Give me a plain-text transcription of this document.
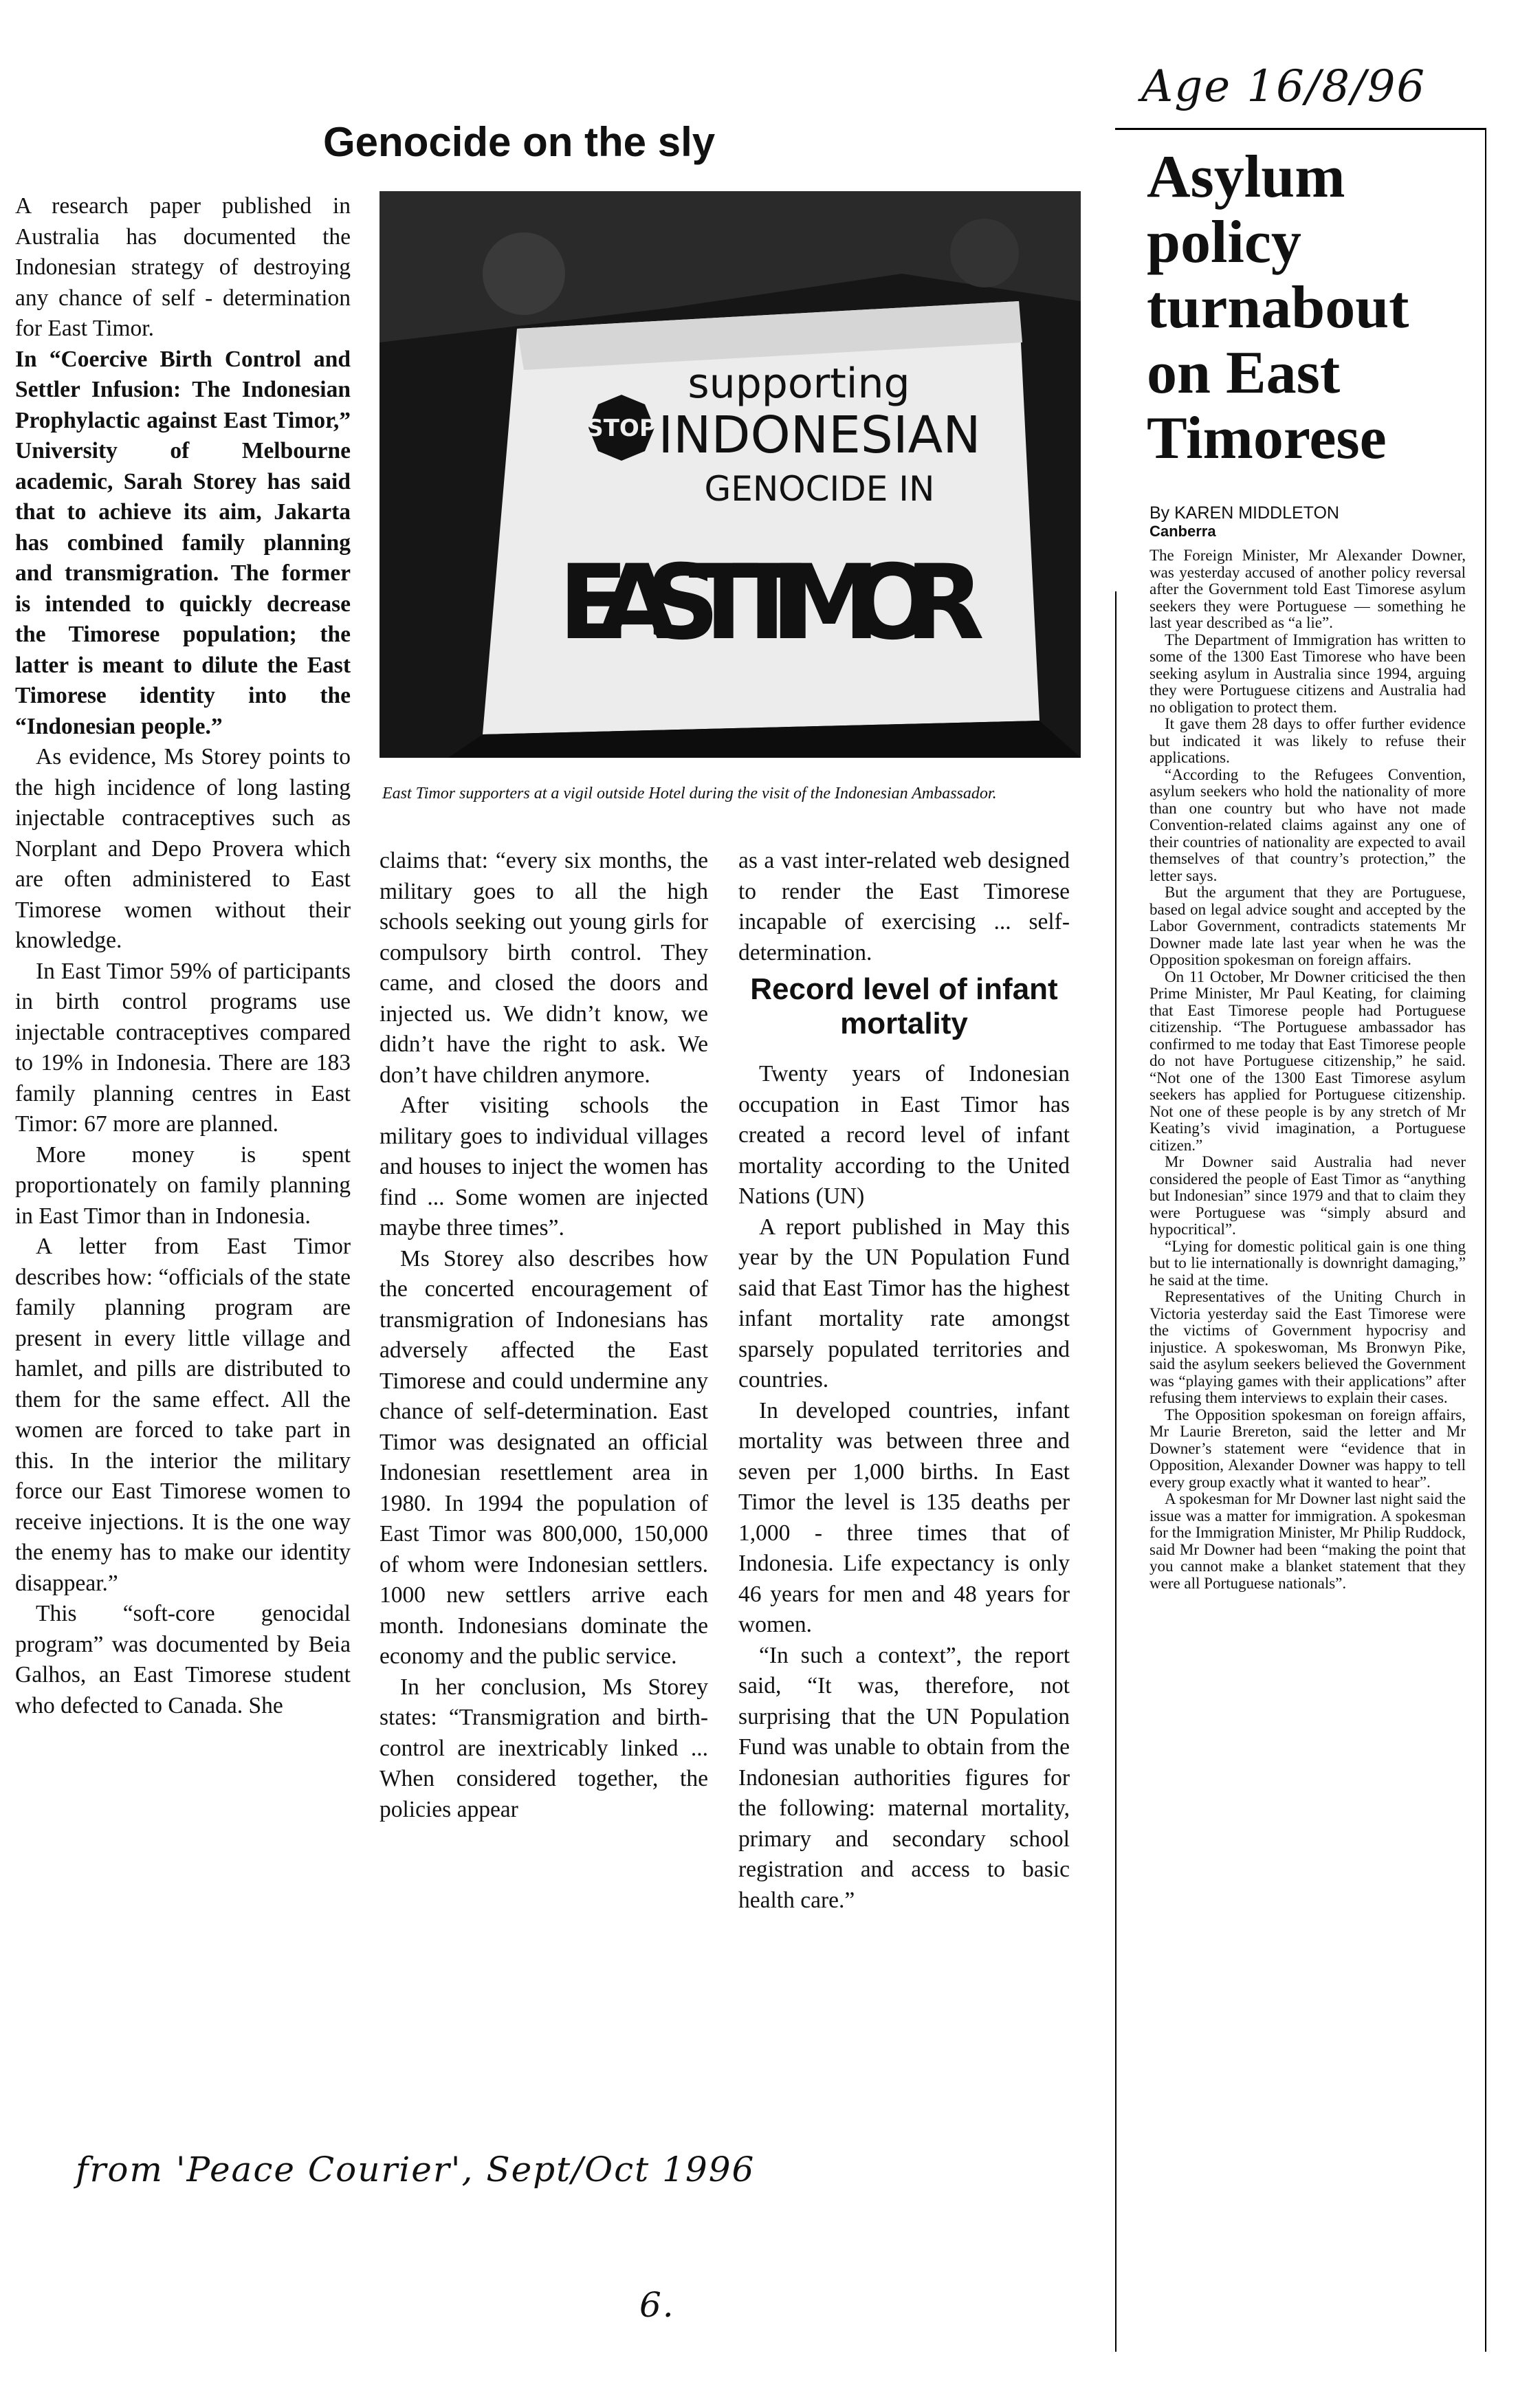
Age 16/8/96
Genocide on the sly

A research paper published in Australia has documented the Indonesian strategy of destroying any chance of self - determination for East Timor.

In “Coercive Birth Control and Settler Infusion: The Indonesian Prophylactic against East Timor,” University of Melbourne academic, Sarah Storey has said that to achieve its aim, Jakarta has combined family planning and transmigration. The former is intended to quickly decrease the Timorese population; the latter is meant to dilute the East Timorese identity into the “Indonesian people.”

As evidence, Ms Storey points to the high incidence of long lasting injectable contraceptives such as Norplant and Depo Provera which are often administered to East Timorese women without their knowledge.

In East Timor 59% of participants in birth control programs use injectable contraceptives compared to 19% in Indonesia. There are 183 family planning centres in East Timor: 67 more are planned.

More money is spent proportionately on family planning in East Timor than in Indonesia.

A letter from East Timor describes how: “officials of the state family planning program are present in every little village and hamlet, and pills are distributed to them for the same effect. All the women are forced to take part in this. In the interior the military force our East Timorese women to receive injections. It is the one way the enemy has to make our identity disappear.”

This “soft-core genocidal program” was documented by Beia Galhos, an East Timorese student who defected to Canada. She

STOP
supporting
INDONESIAN
GENOCIDE IN
EAST TIMOR
East Timor supporters at a vigil outside Hotel during the visit of the Indonesian Ambassador.

claims that: “every six months, the military goes to all the high schools seeking out young girls for compulsory birth control. They came, and closed the doors and injected us. We didn’t know, we didn’t have the right to ask. We don’t have children anymore.

After visiting schools the military goes to individual villages and houses to inject the women has find ... Some women are injected maybe three times”.

Ms Storey also describes how the concerted encouragement of transmigration of Indonesians has adversely affected the East Timorese and could undermine any chance of self-determination. East Timor was designated an official Indonesian resettlement area in 1980. In 1994 the population of East Timor was 800,000, 150,000 of whom were Indonesian settlers. 1000 new settlers arrive each month. Indonesians dominate the economy and the public service.

In her conclusion, Ms Storey states: “Transmigration and birth-control are inextricably linked ... When considered together, the policies appear

as a vast inter-related web designed to render the East Timorese incapable of exercising ... self-determination.

Record level of infant mortality

Twenty years of Indonesian occupation in East Timor has created a record level of infant mortality according to the United Nations (UN)

A report published in May this year by the UN Population Fund said that East Timor has the highest infant mortality rate amongst sparsely populated territories and countries.

In developed countries, infant mortality was between three and seven per 1,000 births. In East Timor the level is 135 deaths per 1,000 - three times that of Indonesia. Life expectancy is only 46 years for men and 48 years for women.

“In such a context”, the report said, “It was, therefore, not surprising that the UN Population Fund was unable to obtain from the Indonesian authorities figures for the following: maternal mortality, primary and secondary school registration and access to basic health care.”

from 'Peace Courier', Sept/Oct 1996
6.
Asylum
policy
turnabout
on East
Timorese
By KAREN MIDDLETON
Canberra

The Foreign Minister, Mr Alexander Downer, was yesterday accused of another policy reversal after the Government told East Timorese asylum seekers they were Portuguese — something he last year described as “a lie”.

The Department of Immigration has written to some of the 1300 East Timorese who have been seeking asylum in Australia since 1994, arguing they were Portuguese citizens and Australia had no obligation to protect them.

It gave them 28 days to offer further evidence but indicated it was likely to refuse their applications.

“According to the Refugees Convention, asylum seekers who hold the nationality of more than one country but who have not made Convention-related claims against any one of their countries of nationality are expected to avail themselves of that country’s protection,” the letter says.

But the argument that they are Portuguese, based on legal advice sought and accepted by the Labor Government, contradicts statements Mr Downer made late last year when he was the Opposition spokesman on foreign affairs.

On 11 October, Mr Downer criticised the then Prime Minister, Mr Paul Keating, for claiming that East Timorese people had Portuguese citizenship. “The Portuguese ambassador has confirmed to me today that East Timorese people do not have Portuguese citizenship,” he said. “Not one of the 1300 East Timorese asylum seekers has applied for Portuguese citizenship. Not one of these people is by any stretch of Mr Keating’s vivid imagination, a Portuguese citizen.”

Mr Downer said Australia had never considered the people of East Timor as “anything but Indonesian” since 1979 and that to claim they were Portuguese was “simply absurd and hypocritical”.

“Lying for domestic political gain is one thing but to lie internationally is downright damaging,” he said at the time.

Representatives of the Uniting Church in Victoria yesterday said the East Timorese were the victims of Government hypocrisy and injustice. A spokeswoman, Ms Bronwyn Pike, said the asylum seekers believed the Government was “playing games with their applications” after refusing them interviews to explain their cases.

The Opposition spokesman on foreign affairs, Mr Laurie Brereton, said the letter and Mr Downer’s statement were “evidence that in Opposition, Alexander Downer was happy to tell every group exactly what it wanted to hear”.

A spokesman for Mr Downer last night said the issue was a matter for immigration. A spokesman for the Immigration Minister, Mr Philip Ruddock, said Mr Downer had been “making the point that you cannot make a blanket statement that they were all Portuguese nationals”.
